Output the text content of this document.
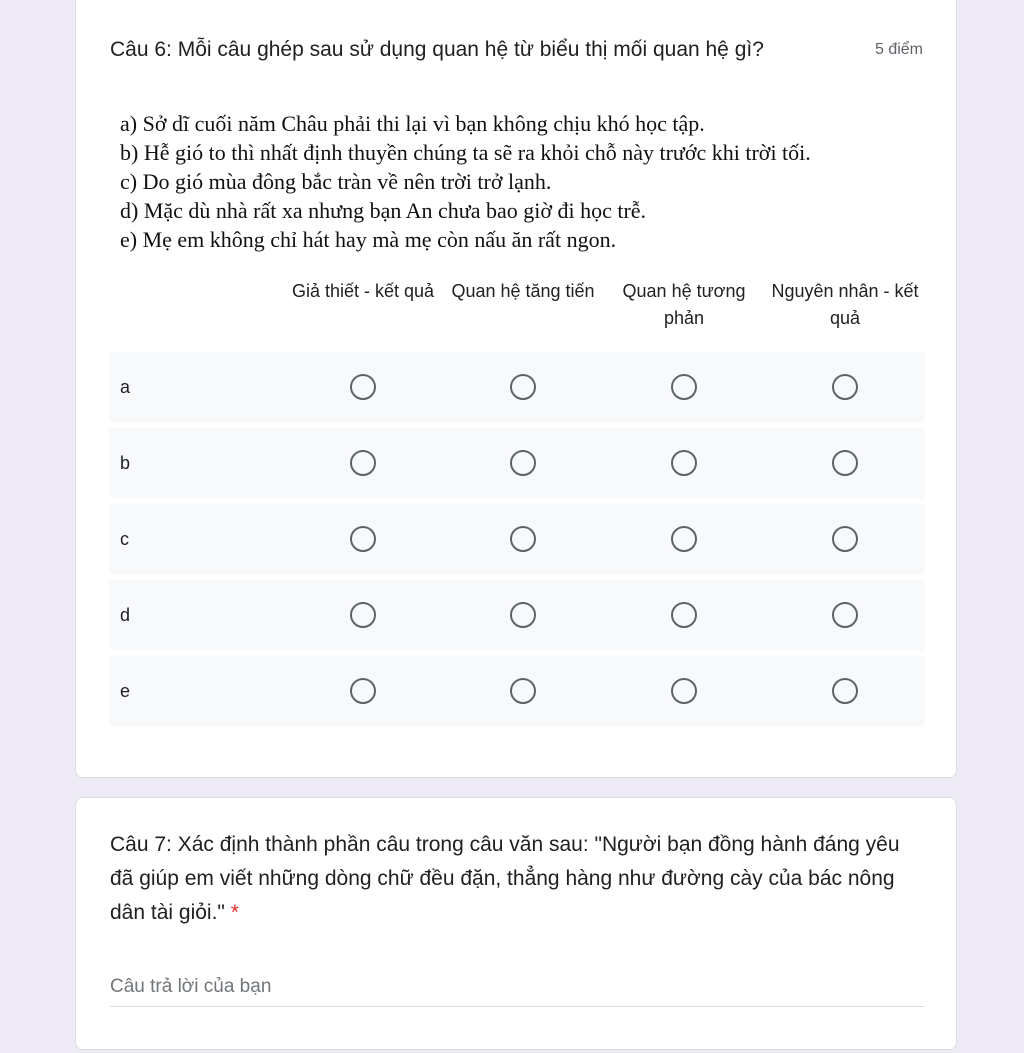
Câu 6: Mỗi câu ghép sau sử dụng quan hệ từ biểu thị mối quan hệ gì?	5 điểm
a) Sở dĩ cuối năm Châu phải thi lại vì bạn không chịu khó học tập.
b) Hễ gió to thì nhất định thuyền chúng ta sẽ ra khỏi chỗ này trước khi trời tối.
c) Do gió mùa đông bắc tràn về nên trời trở lạnh.
d) Mặc dù nhà rất xa nhưng bạn An chưa bao giờ đi học trễ.
e) Mẹ em không chỉ hát hay mà mẹ còn nấu ăn rất ngon.
Giả thiết - kết quả Quan hệ tăng tiến	Quan hệ tương phản
Nguyên nhân - kết quả
a
b
c
d
e
Câu 7: Xác định thành phần câu trong câu văn sau: "Người bạn đồng hành đáng yêu đã giúp em viết những dòng chữ đều đặn, thẳng hàng như đường cày của bác nông dân tài giỏi." *
Câu trả lời của bạn
